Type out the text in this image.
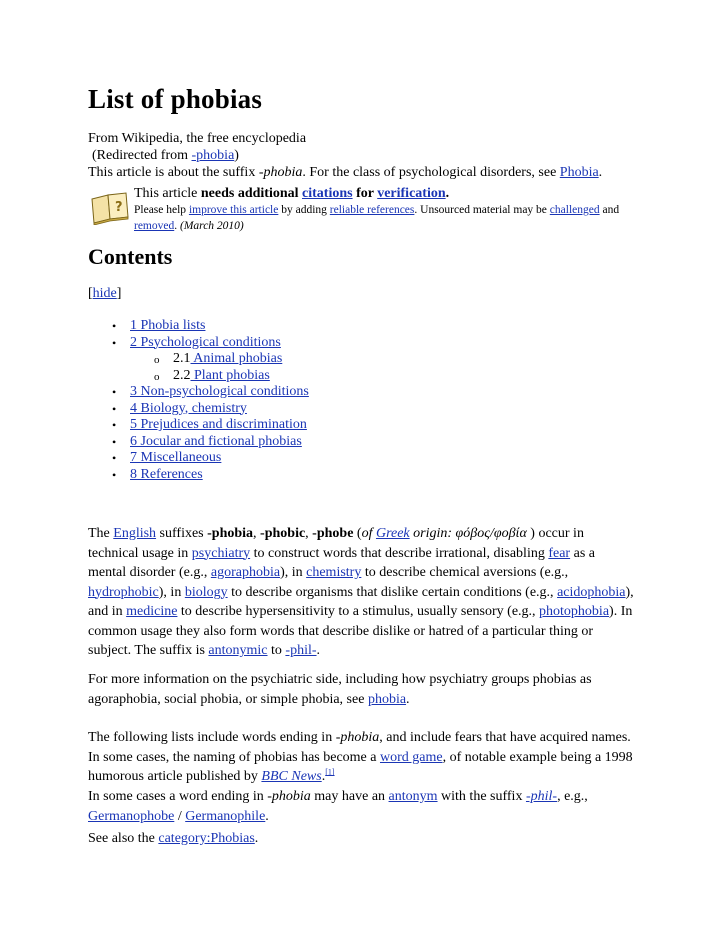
List of phobias
From Wikipedia, the free encyclopedia
(Redirected from -phobia)
This article is about the suffix -phobia. For the class of psychological disorders, see Phobia.
?
This article needs additional citations for verification.
Please help improve this article by adding reliable references. Unsourced material may be challenged and
removed. (March 2010)
Contents
[hide]
• 1 Phobia lists
• 2 Psychological conditions
o 2.1 Animal phobias
o 2.2 Plant phobias
• 3 Non-psychological conditions
• 4 Biology, chemistry
• 5 Prejudices and discrimination
• 6 Jocular and fictional phobias
• 7 Miscellaneous
• 8 References
The English suffixes -phobia, -phobic, -phobe (of Greek origin: φόβος/φοβία ) occur in
technical usage in psychiatry to construct words that describe irrational, disabling fear as a
mental disorder (e.g., agoraphobia), in chemistry to describe chemical aversions (e.g.,
hydrophobic), in biology to describe organisms that dislike certain conditions (e.g., acidophobia),
and in medicine to describe hypersensitivity to a stimulus, usually sensory (e.g., photophobia). In
common usage they also form words that describe dislike or hatred of a particular thing or
subject. The suffix is antonymic to -phil-.
For more information on the psychiatric side, including how psychiatry groups phobias as
agoraphobia, social phobia, or simple phobia, see phobia.
The following lists include words ending in -phobia, and include fears that have acquired names.
In some cases, the naming of phobias has become a word game, of notable example being a 1998
humorous article published by BBC News.[1]
In some cases a word ending in -phobia may have an antonym with the suffix -phil-, e.g.,
Germanophobe / Germanophile.
See also the category:Phobias.
